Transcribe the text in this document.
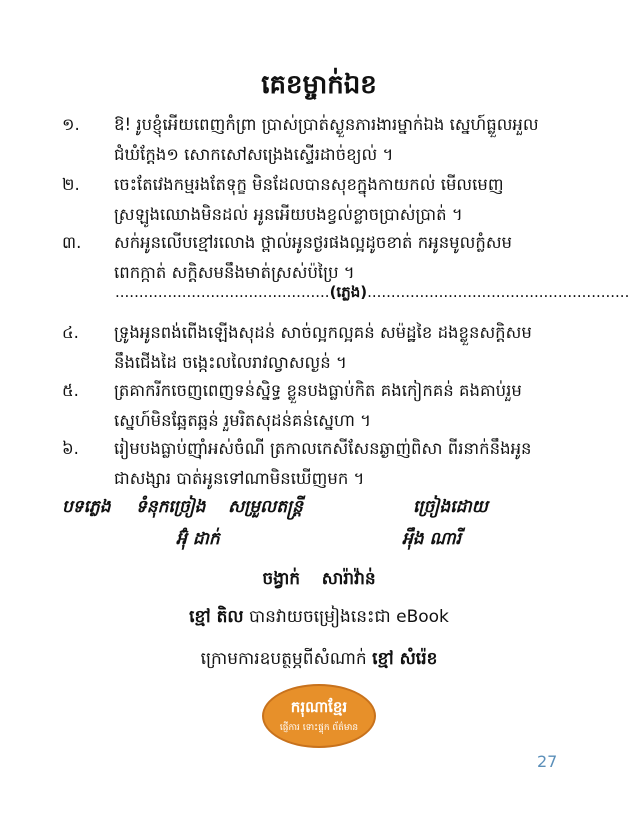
គេខម្ចាក់ឯខ
១.	ឱ! រូបខ្ញុំអើយពេញកំព្រា ប្រាស់ប្រាត់ស្ងួនភារងារម្នាក់ឯង ស្នេហ៍ធ្លួលអួល
ជំឃំក្តែង១ សោកសៅសង្រេងស្ទើរដាច់ខ្យល់ ។
២.	ចេះតែវេងកម្មរងតែទុក្ខ មិនដែលបានសុខក្នុងកាយកល់ មើលមេញ
ស្រឡូងឈោងមិនដល់ អូនអើយបងខ្វល់ខ្លាចប្រាស់ប្រាត់ ។
៣.	សក់អូនលើបខ្មៅរលោង ថ្ពាល់អូនថ្ងរផងល្អដូចខាត់ កអូនមូលក្លំសម
ពេកក្កាត់ សក្តិសមនឹងមាត់ស្រស់ប៉ប្រៃ ។
.............................................(ភ្លេង).......................................................
៤.	ទ្រូងអូនពង់ពើងឡើងសុដន់ សាច់ល្អកល្អគន់ សម៉ដ្ឋខៃ ដងខ្លួនសក្តិសម
នឹងជើងដៃ ចង្កេះលលៃរាវល្វាសល្ងន់ ។
៥.	ត្រគាករីកចេញពេញទន់ស្និទ្ធ ខ្លួនបងធ្លាប់កិត គងកៀកគន់ គងគាប់រួម
ស្នេហ៍មិនឆ្អែតឆ្អន់ រួមរិតសុដន់គន់ស្នេហា ។
៦.	រៀមបងធ្លាប់ញ៉ាំអស់ចំណី ត្រកាលកេសីសែនឆ្ងាញ់ពិសា ពីរនាក់នឹងអូន
ជាសង្សារ បាត់អូនទៅណាមិនឃើញមក ។
បទភ្លេង ទំនុកច្រៀង សម្រួលតន្ត្រី	ច្រៀងដោយ
អ៊ុំ ដាក់	អុឹង ណារី
ចង្វាក់ សារ៉ាវ៉ាន់
ខ្មៅ តិល បានវាយចម្រៀងនេះជា eBook
ក្រោមការឧបត្ថម្ភពីសំណាក់ ខ្មៅ សំរ៉េខ
ករុណាខ្មែរ
ផ្ញើការ ទោះផ្ទុក ព័ត៌មាន
27
